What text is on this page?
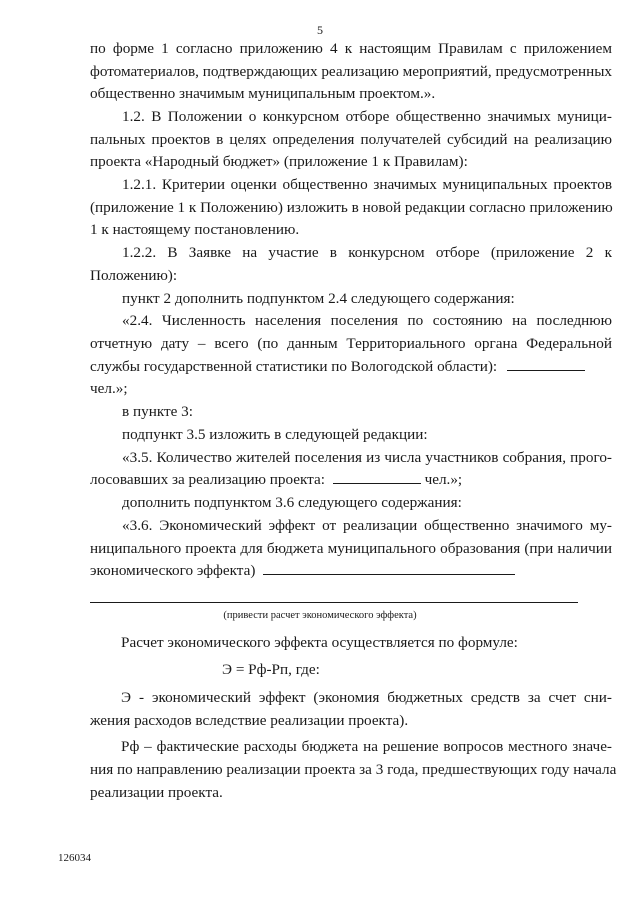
5
по форме 1 согласно приложению 4 к настоящим Правилам с приложением
фотоматериалов, подтверждающих реализацию мероприятий, предусмотренных
общественно значимым муниципальным проектом.».
1.2. В Положении о конкурсном отборе общественно значимых муници-
пальных проектов в целях определения получателей субсидий на реализацию
проекта «Народный бюджет» (приложение 1 к Правилам):
1.2.1. Критерии оценки общественно значимых муниципальных проектов
(приложение 1 к Положению) изложить в новой редакции согласно приложению
1 к настоящему постановлению.
1.2.2. В Заявке на участие в конкурсном отборе (приложение 2 к
Положению):
пункт 2 дополнить подпунктом 2.4 следующего содержания:
«2.4. Численность населения поселения по состоянию на последнюю
отчетную дату – всего (по данным Территориального органа Федеральной
службы государственной статистики по Вологодской области):
чел.»;
в пункте 3:
подпункт 3.5 изложить в следующей редакции:
«3.5. Количество жителей поселения из числа участников собрания, прого-
лосовавших за реализацию проекта:	чел.»;
дополнить подпунктом 3.6 следующего содержания:
«3.6. Экономический эффект от реализации общественно значимого му-
ниципального проекта для бюджета муниципального образования (при наличии
экономического эффекта)
(привести расчет экономического эффекта)
Расчет экономического эффекта осуществляется по формуле:
Э = Рф-Рп, где:
Э - экономический эффект (экономия бюджетных средств за счет сни-
жения расходов вследствие реализации проекта).
Рф – фактические расходы бюджета на решение вопросов местного значе-
ния по направлению реализации проекта за 3 года, предшествующих году начала
реализации проекта.
126034
